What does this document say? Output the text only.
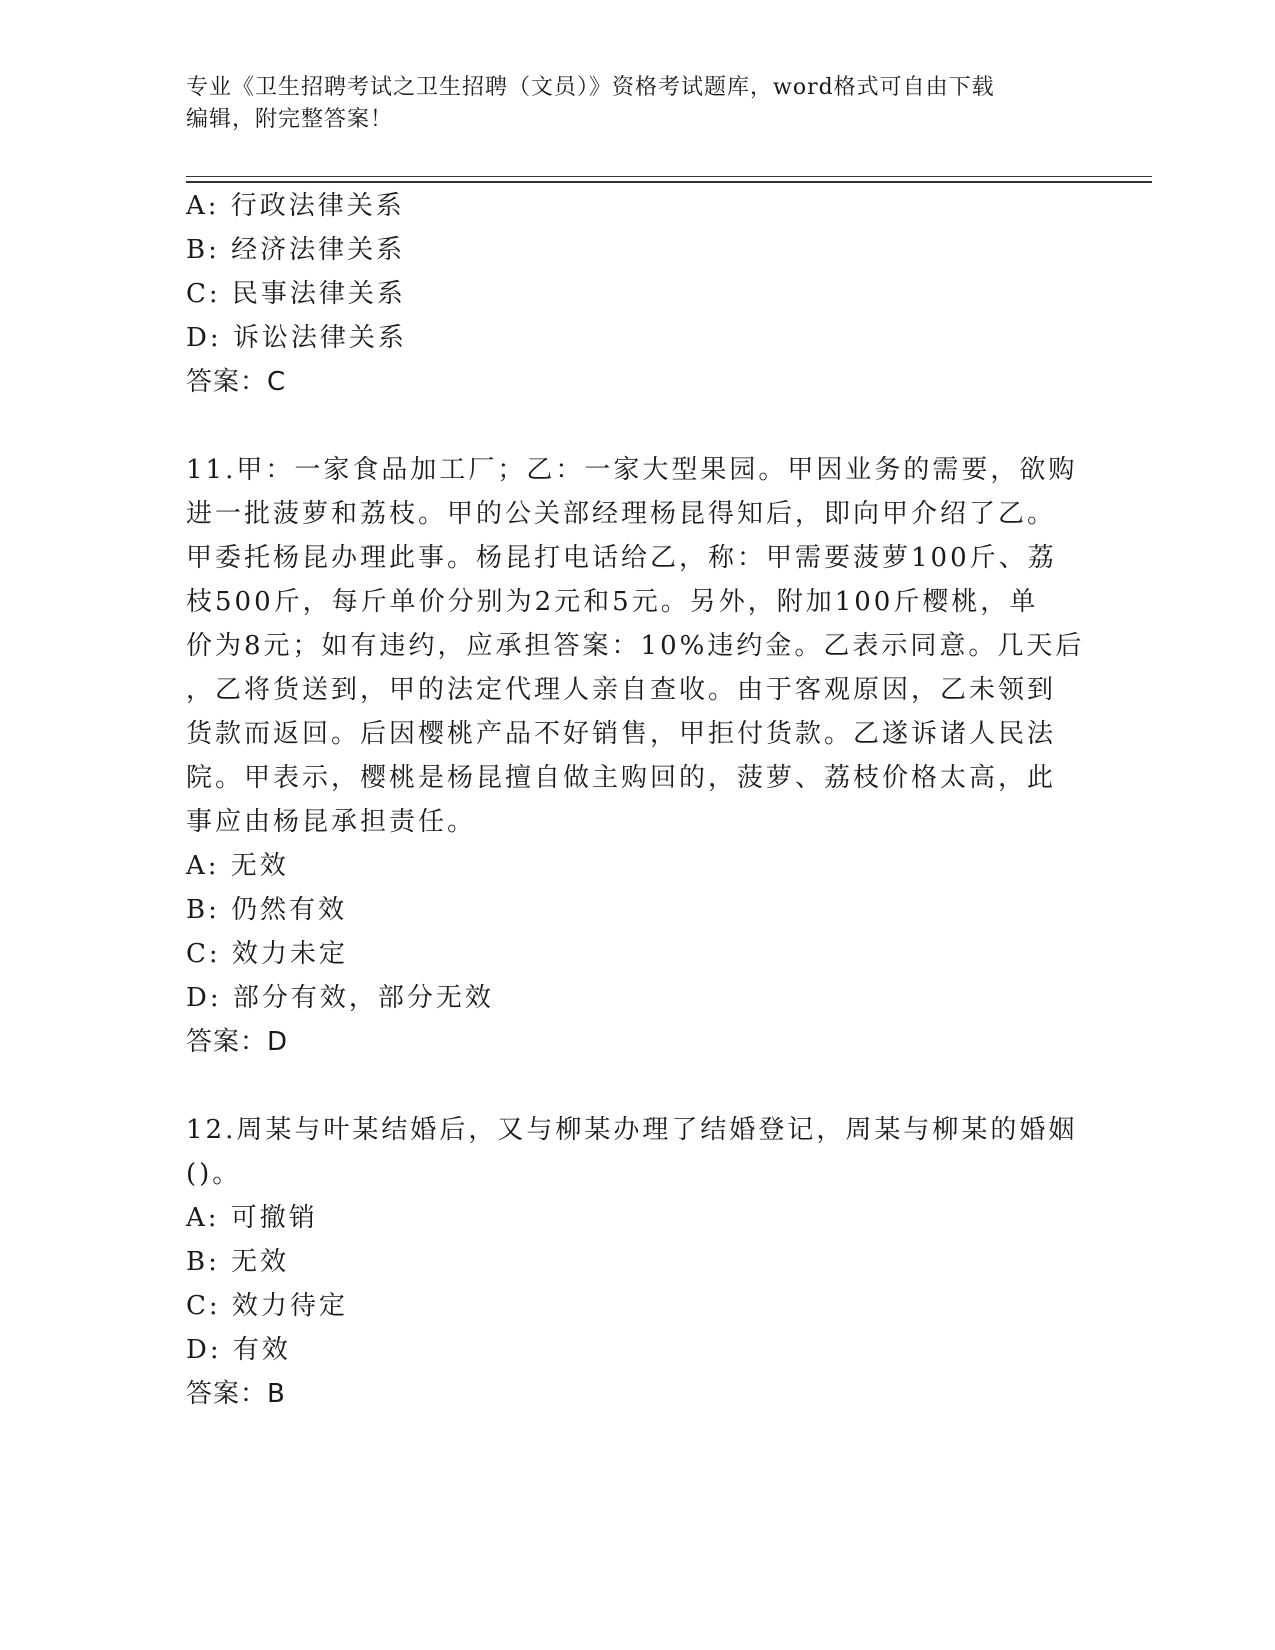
专业《卫生招聘考试之卫生招聘（文员）》资格考试题库，word格式可自由下载
编辑，附完整答案！
A: 行政法律关系
B: 经济法律关系
C: 民事法律关系
D: 诉讼法律关系
答案：C
11.甲：一家食品加工厂；乙：一家大型果园。甲因业务的需要，欲购
进一批菠萝和荔枝。甲的公关部经理杨昆得知后，即向甲介绍了乙。
甲委托杨昆办理此事。杨昆打电话给乙，称：甲需要菠萝100斤、荔
枝500斤，每斤单价分别为2元和5元。另外，附加100斤樱桃，单
价为8元；如有违约，应承担答案：10%违约金。乙表示同意。几天后
，乙将货送到，甲的法定代理人亲自查收。由于客观原因，乙未领到
货款而返回。后因樱桃产品不好销售，甲拒付货款。乙遂诉诸人民法
院。甲表示，樱桃是杨昆擅自做主购回的，菠萝、荔枝价格太高，此
事应由杨昆承担责任。
A: 无效
B: 仍然有效
C: 效力未定
D: 部分有效，部分无效
答案：D
12.周某与叶某结婚后，又与柳某办理了结婚登记，周某与柳某的婚姻
()。
A: 可撤销
B: 无效
C: 效力待定
D: 有效
答案：B
